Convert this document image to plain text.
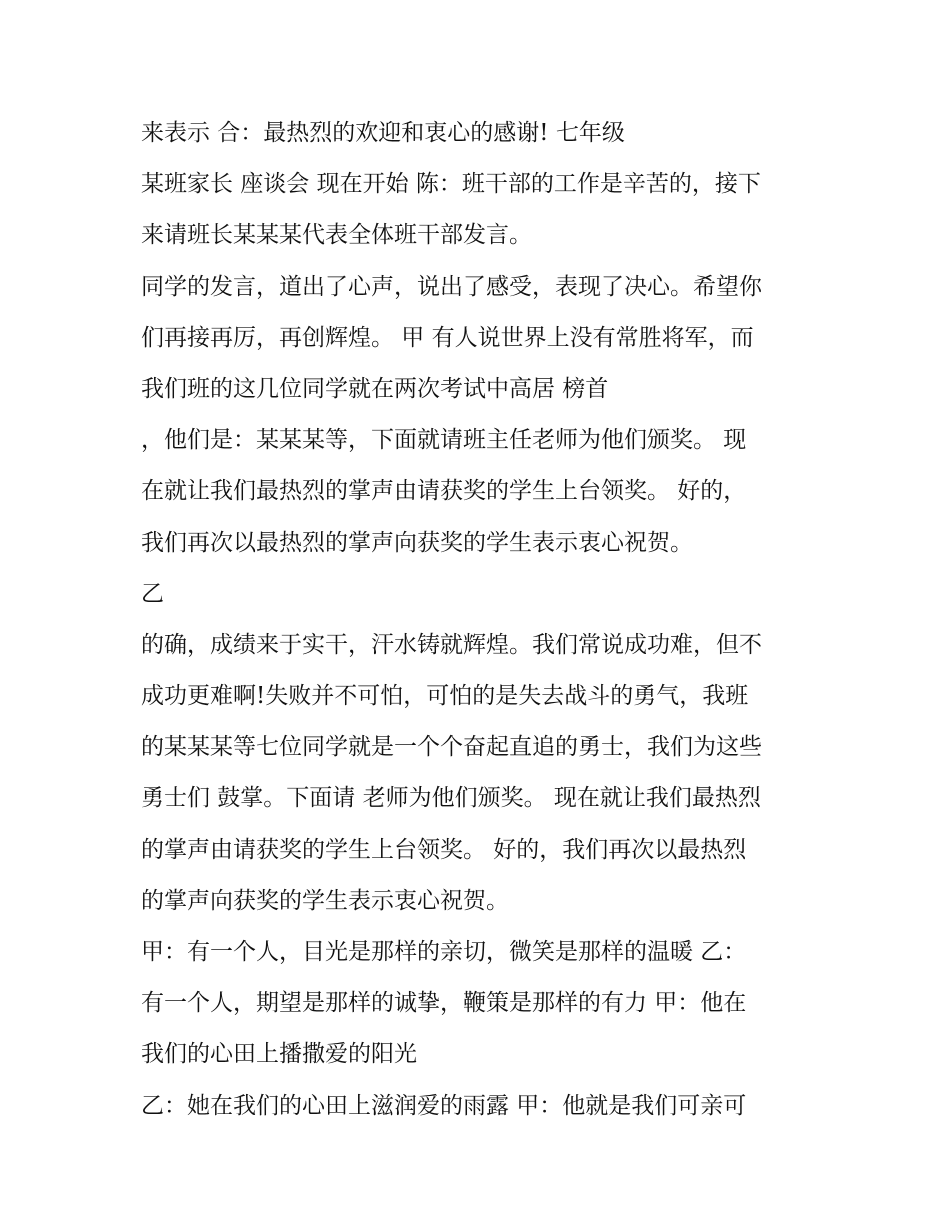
来表示 合：最热烈的欢迎和衷心的感谢! 七年级
某班家长 座谈会 现在开始 陈：班干部的工作是辛苦的，接下
来请班长某某某代表全体班干部发言。
同学的发言，道出了心声，说出了感受，表现了决心。希望你
们再接再厉，再创辉煌。 甲 有人说世界上没有常胜将军，而
我们班的这几位同学就在两次考试中高居 榜首
，他们是：某某某等，下面就请班主任老师为他们颁奖。 现
在就让我们最热烈的掌声由请获奖的学生上台领奖。 好的，
我们再次以最热烈的掌声向获奖的学生表示衷心祝贺。
乙
的确，成绩来于实干，汗水铸就辉煌。我们常说成功难，但不
成功更难啊!失败并不可怕，可怕的是失去战斗的勇气，我班
的某某某等七位同学就是一个个奋起直追的勇士，我们为这些
勇士们 鼓掌。下面请 老师为他们颁奖。 现在就让我们最热烈
的掌声由请获奖的学生上台领奖。 好的，我们再次以最热烈
的掌声向获奖的学生表示衷心祝贺。
甲：有一个人，目光是那样的亲切，微笑是那样的温暖 乙：
有一个人，期望是那样的诚挚，鞭策是那样的有力 甲：他在
我们的心田上播撒爱的阳光
乙：她在我们的心田上滋润爱的雨露 甲：他就是我们可亲可
